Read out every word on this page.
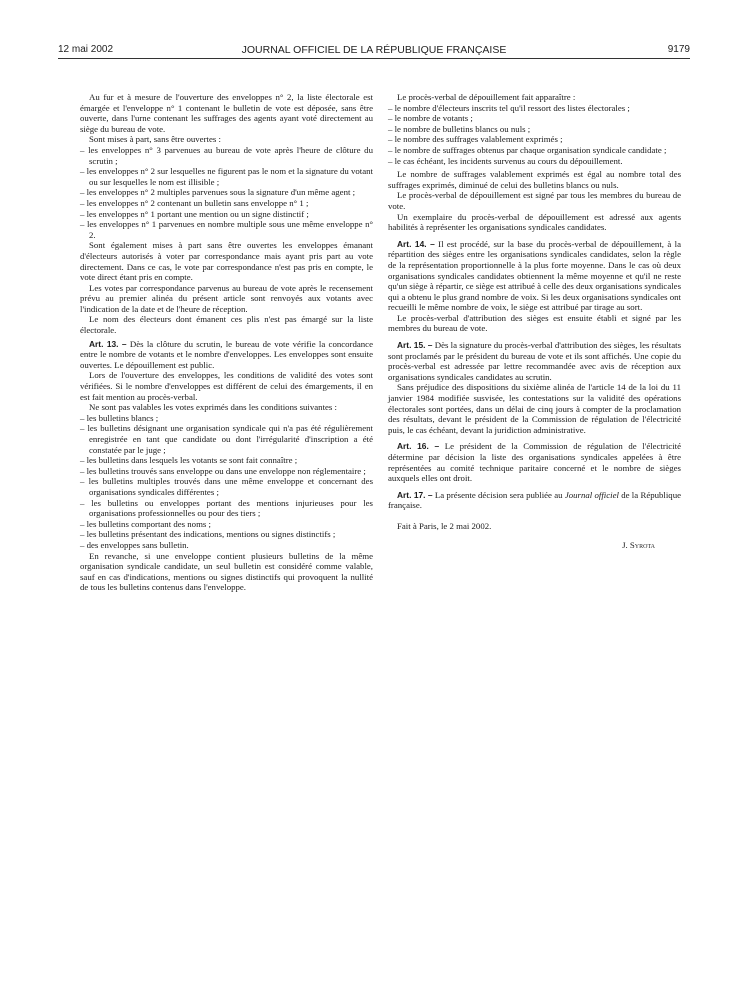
12 mai 2002	JOURNAL OFFICIEL DE LA RÉPUBLIQUE FRANÇAISE	9179

Au fur et à mesure de l'ouverture des enveloppes n° 2, la liste électorale est émargée et l'enveloppe n° 1 contenant le bulletin de vote est déposée, sans être ouverte, dans l'urne contenant les suffrages des agents ayant voté directement au siège du bureau de vote.

Sont mises à part, sans être ouvertes :

– les enveloppes n° 3 parvenues au bureau de vote après l'heure de clôture du scrutin ;
– les enveloppes n° 2 sur lesquelles ne figurent pas le nom et la signature du votant ou sur lesquelles le nom est illisible ;
– les enveloppes n° 2 multiples parvenues sous la signature d'un même agent ;
– les enveloppes n° 2 contenant un bulletin sans enveloppe n° 1 ;
– les enveloppes n° 1 portant une mention ou un signe distinctif ;
– les enveloppes n° 1 parvenues en nombre multiple sous une même enveloppe n° 2.

Sont également mises à part sans être ouvertes les enveloppes émanant d'électeurs autorisés à voter par correspondance mais ayant pris part au vote directement. Dans ce cas, le vote par correspondance n'est pas pris en compte, le vote direct étant pris en compte.

Les votes par correspondance parvenus au bureau de vote après le recensement prévu au premier alinéa du présent article sont renvoyés aux votants avec l'indication de la date et de l'heure de réception.

Le nom des électeurs dont émanent ces plis n'est pas émargé sur la liste électorale.

Art. 13. – Dès la clôture du scrutin, le bureau de vote vérifie la concordance entre le nombre de votants et le nombre d'enveloppes. Les enveloppes sont ensuite ouvertes. Le dépouillement est public.

Lors de l'ouverture des enveloppes, les conditions de validité des votes sont vérifiées. Si le nombre d'enveloppes est différent de celui des émargements, il en est fait mention au procès-verbal.

Ne sont pas valables les votes exprimés dans les conditions suivantes :

– les bulletins blancs ;
– les bulletins désignant une organisation syndicale qui n'a pas été régulièrement enregistrée en tant que candidate ou dont l'irrégularité d'inscription a été constatée par le juge ;
– les bulletins dans lesquels les votants se sont fait connaître ;
– les bulletins trouvés sans enveloppe ou dans une enveloppe non réglementaire ;
– les bulletins multiples trouvés dans une même enveloppe et concernant des organisations syndicales différentes ;
– les bulletins ou enveloppes portant des mentions injurieuses pour les organisations professionnelles ou pour des tiers ;
– les bulletins comportant des noms ;
– les bulletins présentant des indications, mentions ou signes distinctifs ;
– des enveloppes sans bulletin.

En revanche, si une enveloppe contient plusieurs bulletins de la même organisation syndicale candidate, un seul bulletin est considéré comme valable, sauf en cas d'indications, mentions ou signes distinctifs qui provoquent la nullité de tous les bulletins contenus dans l'enveloppe.

Le procès-verbal de dépouillement fait apparaître :

– le nombre d'électeurs inscrits tel qu'il ressort des listes électorales ;
– le nombre de votants ;
– le nombre de bulletins blancs ou nuls ;
– le nombre des suffrages valablement exprimés ;
– le nombre de suffrages obtenus par chaque organisation syndicale candidate ;
– le cas échéant, les incidents survenus au cours du dépouillement.

Le nombre de suffrages valablement exprimés est égal au nombre total des suffrages exprimés, diminué de celui des bulletins blancs ou nuls.

Le procès-verbal de dépouillement est signé par tous les membres du bureau de vote.

Un exemplaire du procès-verbal de dépouillement est adressé aux agents habilités à représenter les organisations syndicales candidates.

Art. 14. – Il est procédé, sur la base du procès-verbal de dépouillement, à la répartition des sièges entre les organisations syndicales candidates, selon la règle de la représentation proportionnelle à la plus forte moyenne. Dans le cas où deux organisations syndicales candidates obtiennent la même moyenne et qu'il ne reste qu'un siège à répartir, ce siège est attribué à celle des deux organisations syndicales qui a obtenu le plus grand nombre de voix. Si les deux organisations syndicales ont recueilli le même nombre de voix, le siège est attribué par tirage au sort.

Le procès-verbal d'attribution des sièges est ensuite établi et signé par les membres du bureau de vote.

Art. 15. – Dès la signature du procès-verbal d'attribution des sièges, les résultats sont proclamés par le président du bureau de vote et ils sont affichés. Une copie du procès-verbal est adressée par lettre recommandée avec avis de réception aux organisations syndicales candidates au scrutin.

Sans préjudice des dispositions du sixième alinéa de l'article 14 de la loi du 11 janvier 1984 modifiée susvisée, les contestations sur la validité des opérations électorales sont portées, dans un délai de cinq jours à compter de la proclamation des résultats, devant le président de la Commission de régulation de l'électricité puis, le cas échéant, devant la juridiction administrative.

Art. 16. – Le président de la Commission de régulation de l'électricité détermine par décision la liste des organisations syndicales appelées à être représentées au comité technique paritaire concerné et le nombre de sièges auxquels elles ont droit.

Art. 17. – La présente décision sera publiée au Journal officiel de la République française.

Fait à Paris, le 2 mai 2002.

J. Syrota
